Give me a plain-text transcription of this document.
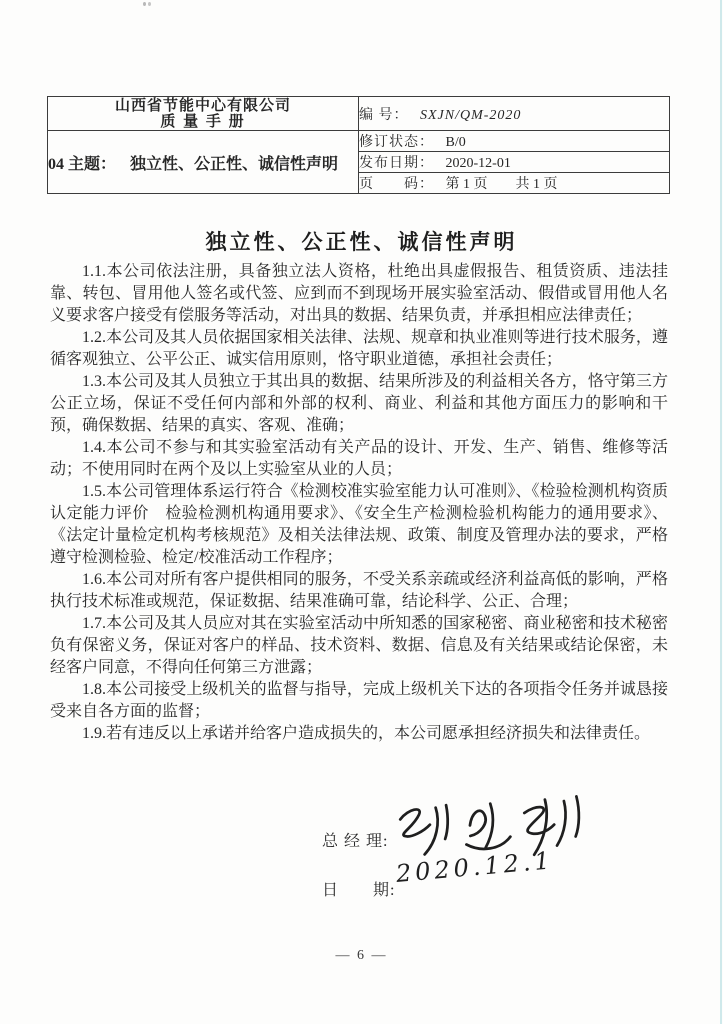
山西省节能中心有限公司
质 量 手 册	编 号： SXJN/QM-2020
04 主题： 独立性、公正性、诚信性声明	修订状态： B/0
	发布日期： 2020-12-01
	页　　码： 第 1 页　　共 1 页
独立性、公正性、诚信性声明

1.1.本公司依法注册，具备独立法人资格，杜绝出具虚假报告、租赁资质、违法挂靠、转包、冒用他人签名或代签、应到而不到现场开展实验室活动、假借或冒用他人名义要求客户接受有偿服务等活动，对出具的数据、结果负责，并承担相应法律责任；

1.2.本公司及其人员依据国家相关法律、法规、规章和执业准则等进行技术服务，遵循客观独立、公平公正、诚实信用原则，恪守职业道德，承担社会责任；

1.3.本公司及其人员独立于其出具的数据、结果所涉及的利益相关各方，恪守第三方公正立场，保证不受任何内部和外部的权利、商业、利益和其他方面压力的影响和干预，确保数据、结果的真实、客观、准确；

1.4.本公司不参与和其实验室活动有关产品的设计、开发、生产、销售、维修等活动；不使用同时在两个及以上实验室从业的人员；

1.5.本公司管理体系运行符合《检测校准实验室能力认可准则》、《检验检测机构资质认定能力评价　检验检测机构通用要求》、《安全生产检测检验机构能力的通用要求》、《法定计量检定机构考核规范》及相关法律法规、政策、制度及管理办法的要求，严格遵守检测检验、检定/校准活动工作程序；

1.6.本公司对所有客户提供相同的服务，不受关系亲疏或经济利益高低的影响，严格执行技术标准或规范，保证数据、结果准确可靠，结论科学、公正、合理；

1.7.本公司及其人员应对其在实验室活动中所知悉的国家秘密、商业秘密和技术秘密负有保密义务，保证对客户的样品、技术资料、数据、信息及有关结果或结论保密，未经客户同意，不得向任何第三方泄露；

1.8.本公司接受上级机关的监督与指导，完成上级机关下达的各项指令任务并诚恳接受来自各方面的监督；

1.9.若有违反以上承诺并给客户造成损失的，本公司愿承担经济损失和法律责任。

总 经 理:
日　　期:
2020.12.1
— 6 —
